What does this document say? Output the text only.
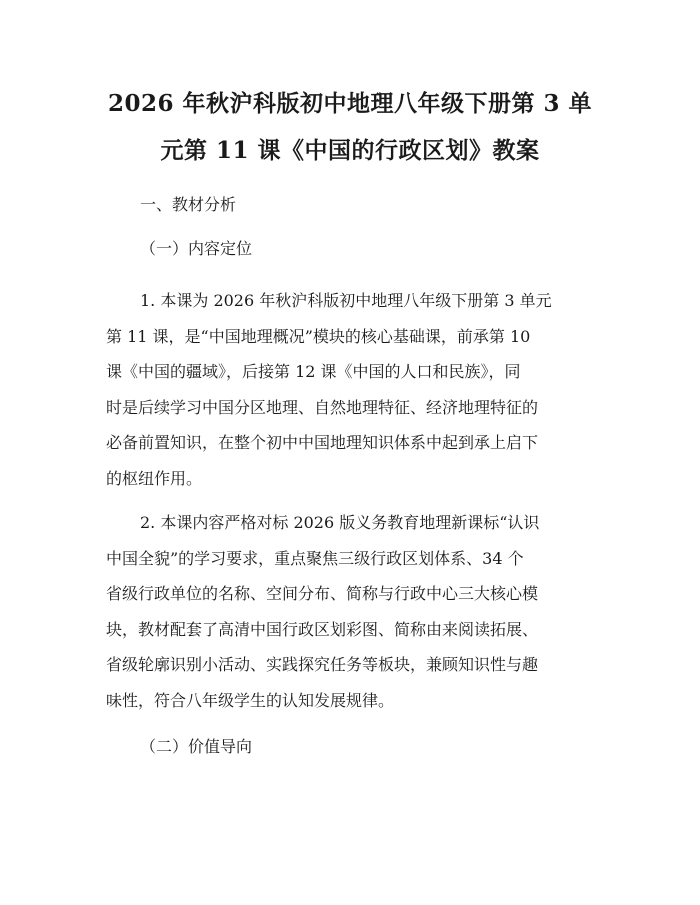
2026 年秋沪科版初中地理八年级下册第 3 单
元第 11 课《中国的行政区划》教案
一、教材分析
（一）内容定位
1. 本课为 2026 年秋沪科版初中地理八年级下册第 3 单元
第 11 课，是“中国地理概况”模块的核心基础课，前承第 10
课《中国的疆域》，后接第 12 课《中国的人口和民族》，同
时是后续学习中国分区地理、自然地理特征、经济地理特征的
必备前置知识，在整个初中中国地理知识体系中起到承上启下
的枢纽作用。
2. 本课内容严格对标 2026 版义务教育地理新课标“认识
中国全貌”的学习要求，重点聚焦三级行政区划体系、34 个
省级行政单位的名称、空间分布、简称与行政中心三大核心模
块，教材配套了高清中国行政区划彩图、简称由来阅读拓展、
省级轮廓识别小活动、实践探究任务等板块，兼顾知识性与趣
味性，符合八年级学生的认知发展规律。
（二）价值导向
